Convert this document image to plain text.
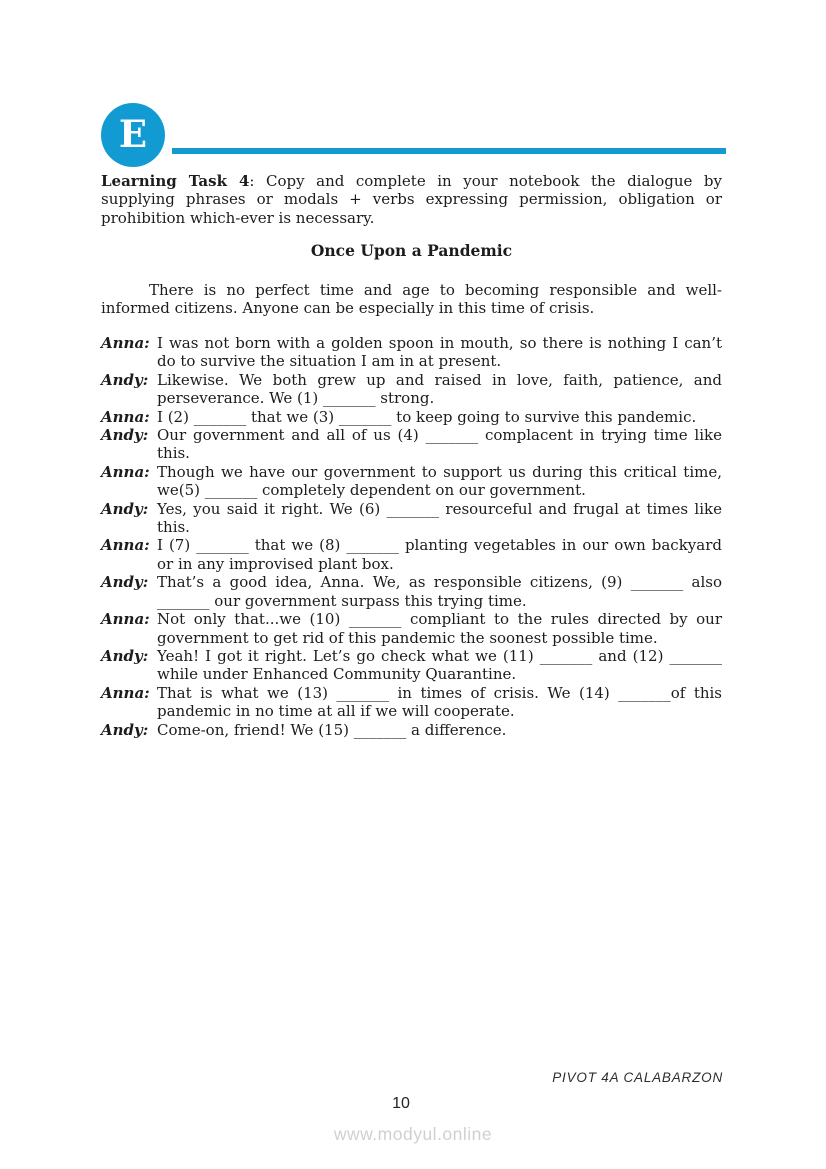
E

Learning Task 4: Copy and complete in your notebook the dialogue by supplying phrases or modals + verbs expressing permission, obligation or prohibition which-ever is necessary.

Once Upon a Pandemic

There is no perfect time and age to becoming responsible and well-informed citizens. Anyone can be especially in this time of crisis.

Anna: I was not born with a golden spoon in mouth, so there is nothing I can’t do to survive the situation I am in at present.
Andy: Likewise. We both grew up and raised in love, faith, patience, and perseverance. We (1) _______ strong.
Anna: I (2) _______ that we (3) _______ to keep going to survive this pandemic.
Andy: Our government and all of us (4) _______ complacent in trying time like this.
Anna: Though we have our government to support us during this critical time, we(5) _______ completely dependent on our government.
Andy: Yes, you said it right. We (6) _______ resourceful and frugal at times like this.
Anna: I (7) _______ that we (8) _______ planting vegetables in our own backyard or in any improvised plant box.
Andy: That’s a good idea, Anna. We, as responsible citizens, (9) _______ also _______ our government surpass this trying time.
Anna: Not only that...we (10) _______ compliant to the rules directed by our government to get rid of this pandemic the soonest possible time.
Andy: Yeah! I got it right. Let’s go check what we (11) _______ and (12) _______ while under Enhanced Community Quarantine.
Anna: That is what we (13) _______ in times of crisis. We (14) _______of this pandemic in no time at all if we will cooperate.
Andy: Come-on, friend! We (15) _______ a difference.
PIVOT 4A CALABARZON
10
www.modyul.online
